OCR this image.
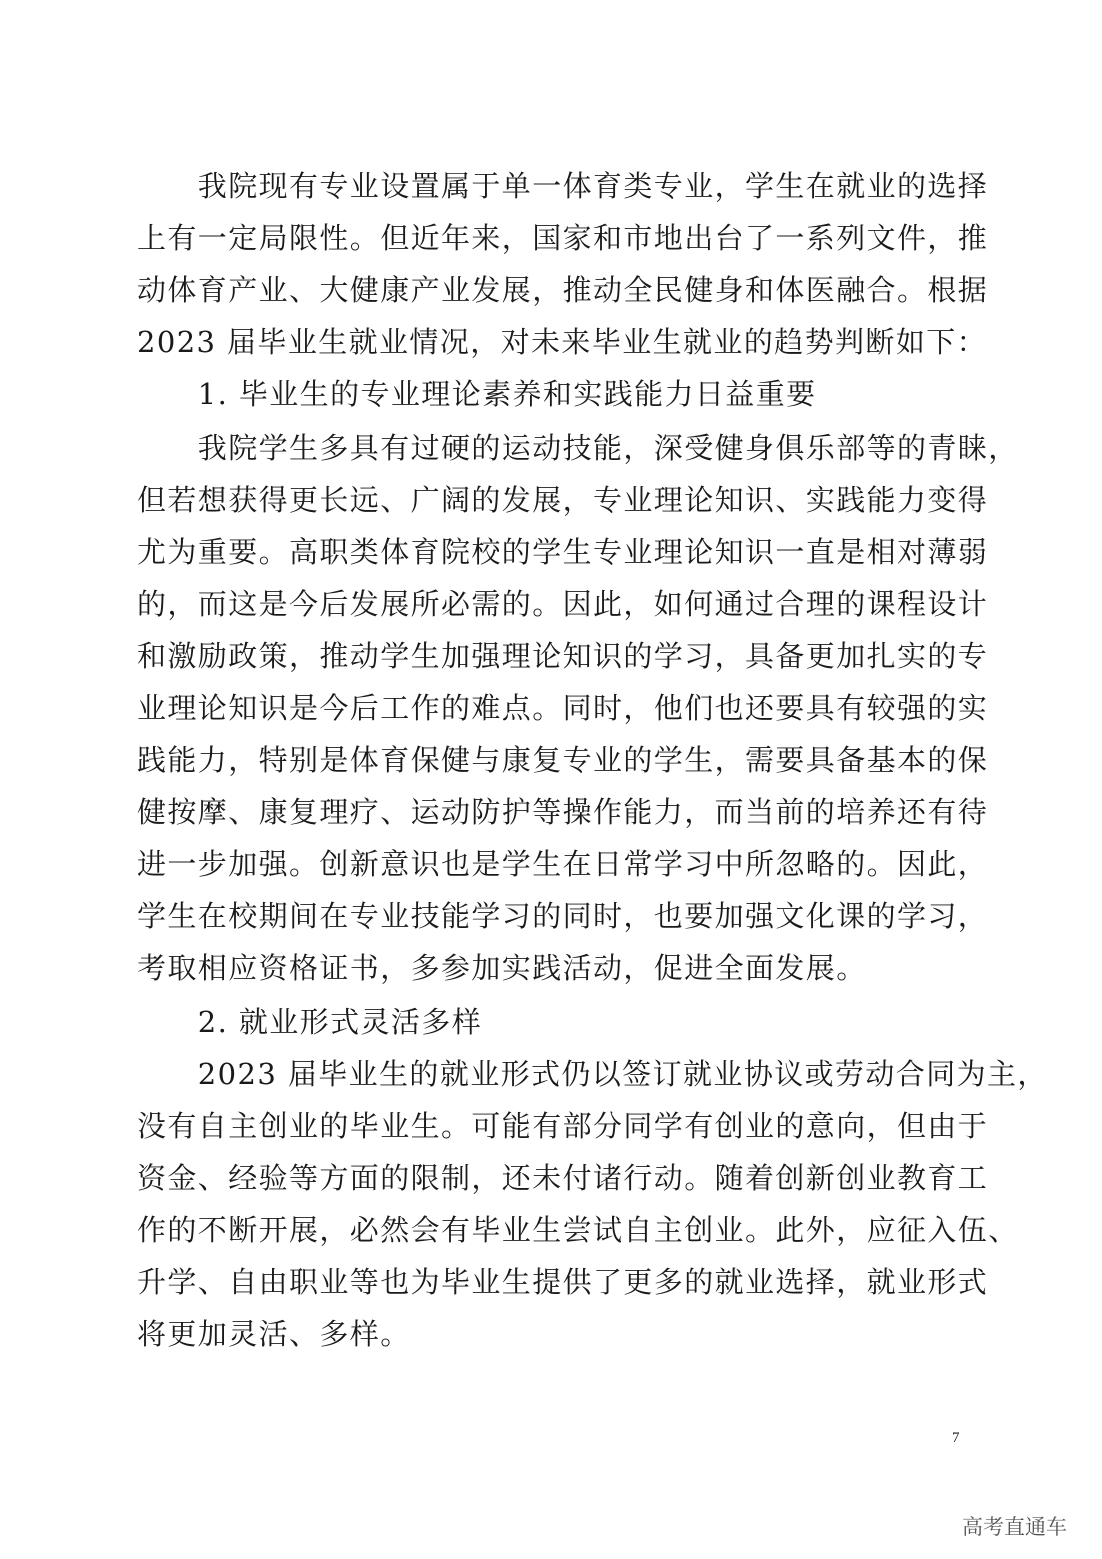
　　我院现有专业设置属于单一体育类专业，学生在就业的选择
上有一定局限性。但近年来，国家和市地出台了一系列文件，推
动体育产业、大健康产业发展，推动全民健身和体医融合。根据
2023 届毕业生就业情况，对未来毕业生就业的趋势判断如下：
　　1. 毕业生的专业理论素养和实践能力日益重要
　　我院学生多具有过硬的运动技能，深受健身俱乐部等的青睐，
但若想获得更长远、广阔的发展，专业理论知识、实践能力变得
尤为重要。高职类体育院校的学生专业理论知识一直是相对薄弱
的，而这是今后发展所必需的。因此，如何通过合理的课程设计
和激励政策，推动学生加强理论知识的学习，具备更加扎实的专
业理论知识是今后工作的难点。同时，他们也还要具有较强的实
践能力，特别是体育保健与康复专业的学生，需要具备基本的保
健按摩、康复理疗、运动防护等操作能力，而当前的培养还有待
进一步加强。创新意识也是学生在日常学习中所忽略的。因此，
学生在校期间在专业技能学习的同时，也要加强文化课的学习，
考取相应资格证书，多参加实践活动，促进全面发展。
　　2. 就业形式灵活多样
　　2023 届毕业生的就业形式仍以签订就业协议或劳动合同为主，
没有自主创业的毕业生。可能有部分同学有创业的意向，但由于
资金、经验等方面的限制，还未付诸行动。随着创新创业教育工
作的不断开展，必然会有毕业生尝试自主创业。此外，应征入伍、
升学、自由职业等也为毕业生提供了更多的就业选择，就业形式
将更加灵活、多样。
7
高考直通车
